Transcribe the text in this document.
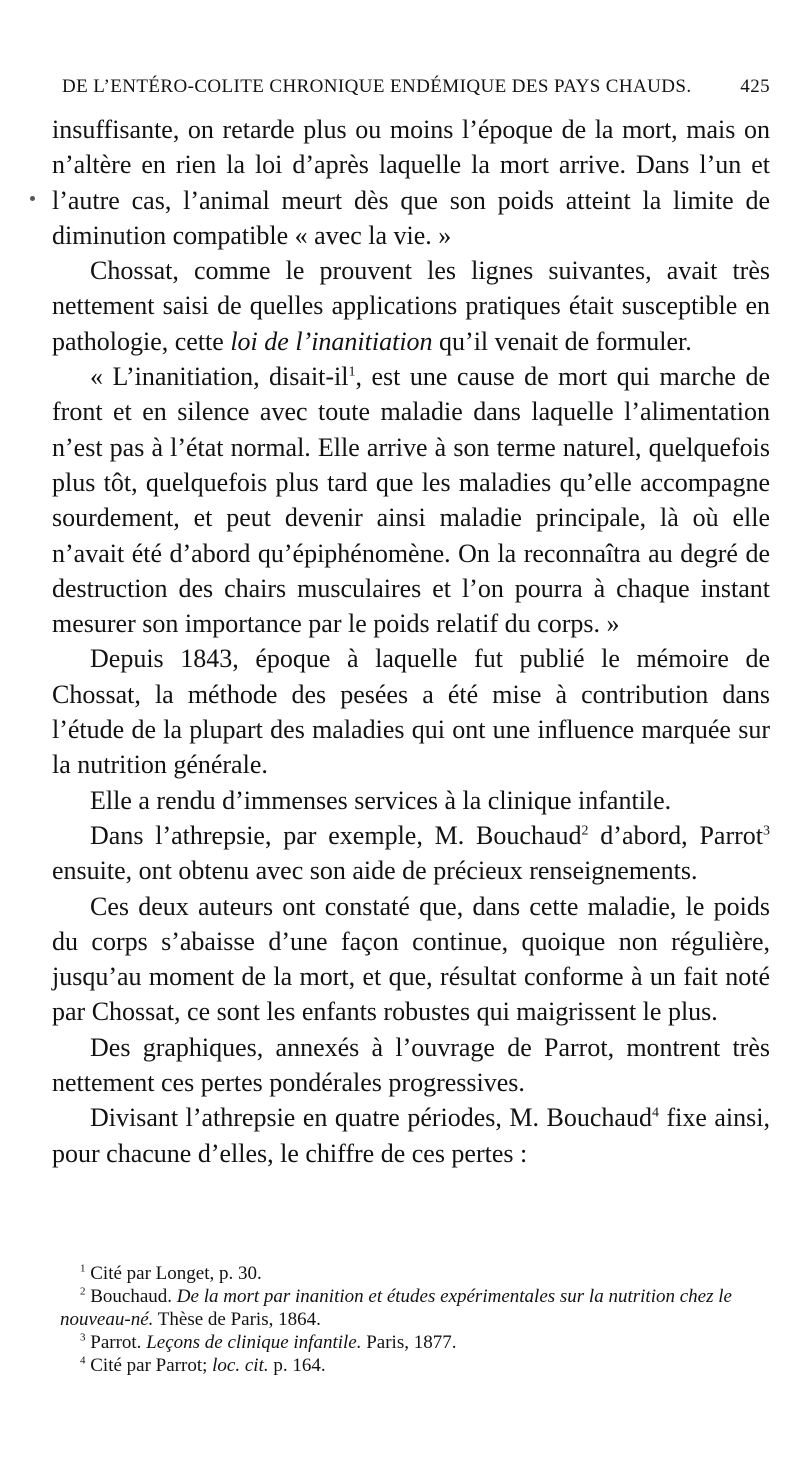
DE L’ENTÉRO-COLITE CHRONIQUE ENDÉMIQUE DES PAYS CHAUDS.	425

insuffisante, on retarde plus ou moins l’époque de la mort, mais on n’altère en rien la loi d’après laquelle la mort arrive. Dans l’un et l’autre cas, l’animal meurt dès que son poids atteint la limite de diminution compatible « avec la vie. »

Chossat, comme le prouvent les lignes suivantes, avait très nettement saisi de quelles applications pratiques était susceptible en pathologie, cette loi de l’inanitiation qu’il venait de formuler.

« L’inanitiation, disait-$il^1$, est une cause de mort qui marche de front et en silence avec toute maladie dans laquelle l’alimentation n’est pas à l’état normal. Elle arrive à son terme naturel, quelquefois plus tôt, quelquefois plus tard que les maladies qu’elle accompagne sourdement, et peut devenir ainsi maladie principale, là où elle n’avait été d’abord qu’épiphénomène. On la reconnaîtra au degré de destruction des chairs musculaires et l’on pourra à chaque instant mesurer son importance par le poids relatif du corps. »

Depuis 1843, époque à laquelle fut publié le mémoire de Chossat, la méthode des pesées a été mise à contribution dans l’étude de la plupart des maladies qui ont une influence marquée sur la nutrition générale.

Elle a rendu d’immenses services à la clinique infantile.

Dans l’athrepsie, par exemple, M. Bouchaud$^2$ d’abord, Parrot$^3$ ensuite, ont obtenu avec son aide de précieux renseignements.

Ces deux auteurs ont constaté que, dans cette maladie, le poids du corps s’abaisse d’une façon continue, quoique non régulière, jusqu’au moment de la mort, et que, résultat conforme à un fait noté par Chossat, ce sont les enfants robustes qui maigrissent le plus.

Des graphiques, annexés à l’ouvrage de Parrot, montrent très nettement ces pertes pondérales progressives.

Divisant l’athrepsie en quatre périodes, M. Bouchaud$^4$ fixe ainsi, pour chacune d’elles, le chiffre de ces pertes :

$^1$ Cité par Longet, p. 30.

$^2$ Bouchaud. De la mort par inanition et études expérimentales sur la nutrition chez le nouveau-né. Thèse de Paris, 1864.

$^3$ Parrot. Leçons de clinique infantile. Paris, 1877.

$^4$ Cité par Parrot; loc. cit. p. 164.
